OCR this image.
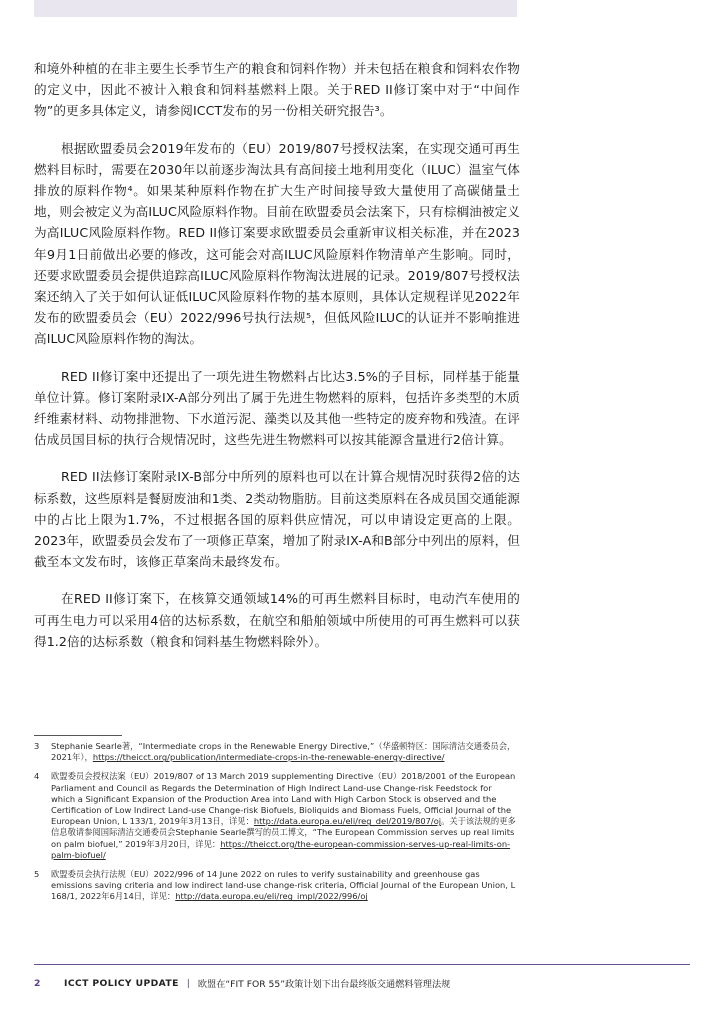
和境外种植的在非主要生长季节生产的粮食和饲料作物）并未包括在粮食和饲料农作物的定义中，因此不被计入粮食和饲料基燃料上限。关于RED II修订案中对于“中间作物”的更多具体定义，请参阅ICCT发布的另一份相关研究报告³。

根据欧盟委员会2019年发布的（EU）2019/807号授权法案，在实现交通可再生燃料目标时，需要在2030年以前逐步淘汰具有高间接土地利用变化（ILUC）温室气体排放的原料作物⁴。如果某种原料作物在扩大生产时间接导致大量使用了高碳储量土地，则会被定义为高ILUC风险原料作物。目前在欧盟委员会法案下，只有棕榈油被定义为高ILUC风险原料作物。RED II修订案要求欧盟委员会重新审议相关标准，并在2023年9月1日前做出必要的修改，这可能会对高ILUC风险原料作物清单产生影响。同时，还要求欧盟委员会提供追踪高ILUC风险原料作物淘汰进展的记录。2019/807号授权法案还纳入了关于如何认证低ILUC风险原料作物的基本原则，具体认定规程详见2022年发布的欧盟委员会（EU）2022/996号执行法规⁵，但低风险ILUC的认证并不影响推进高ILUC风险原料作物的淘汰。

RED II修订案中还提出了一项先进生物燃料占比达3.5%的子目标，同样基于能量单位计算。修订案附录IX-A部分列出了属于先进生物燃料的原料，包括许多类型的木质纤维素材料、动物排泄物、下水道污泥、藻类以及其他一些特定的废弃物和残渣。在评估成员国目标的执行合规情况时，这些先进生物燃料可以按其能源含量进行2倍计算。

RED II法修订案附录IX-B部分中所列的原料也可以在计算合规情况时获得2倍的达标系数，这些原料是餐厨废油和1类、2类动物脂肪。目前这类原料在各成员国交通能源中的占比上限为1.7%，不过根据各国的原料供应情况，可以申请设定更高的上限。2023年，欧盟委员会发布了一项修正草案，增加了附录IX-A和B部分中列出的原料，但截至本文发布时，该修正草案尚未最终发布。

在RED II修订案下，在核算交通领域14%的可再生燃料目标时，电动汽车使用的可再生电力可以采用4倍的达标系数，在航空和船舶领域中所使用的可再生燃料可以获得1.2倍的达标系数（粮食和饲料基生物燃料除外）。

3	Stephanie Searle著，“Intermediate crops in the Renewable Energy Directive,”（华盛顿特区：国际清洁交通委员会，2021年），https://theicct.org/publication/intermediate-crops-in-the-renewable-energy-directive/
4	欧盟委员会授权法案（EU）2019/807 of 13 March 2019 supplementing Directive（EU）2018/2001 of the European Parliament and Council as Regards the Determination of High Indirect Land-use Change-risk Feedstock for which a Significant Expansion of the Production Area into Land with High Carbon Stock is observed and the Certification of Low Indirect Land-use Change-risk Biofuels, Bioliquids and Biomass Fuels, Official Journal of the European Union, L 133/1, 2019年3月13日，详见：http://data.europa.eu/eli/reg_del/2019/807/oj。关于该法规的更多信息敬请参阅国际清洁交通委员会Stephanie Searle撰写的员工博文，“The European Commission serves up real limits on palm biofuel,” 2019年3月20日，详见：https://theicct.org/the-european-commission-serves-up-real-limits-on-palm-biofuel/
5	欧盟委员会执行法规（EU）2022/996 of 14 June 2022 on rules to verify sustainability and greenhouse gas emissions saving criteria and low indirect land-use change-risk criteria, Official Journal of the European Union, L 168/1, 2022年6月14日，详见：http://data.europa.eu/eli/reg_impl/2022/996/oj
2	ICCT POLICY UPDATE | 欧盟在“FIT FOR 55”政策计划下出台最终版交通燃料管理法规
